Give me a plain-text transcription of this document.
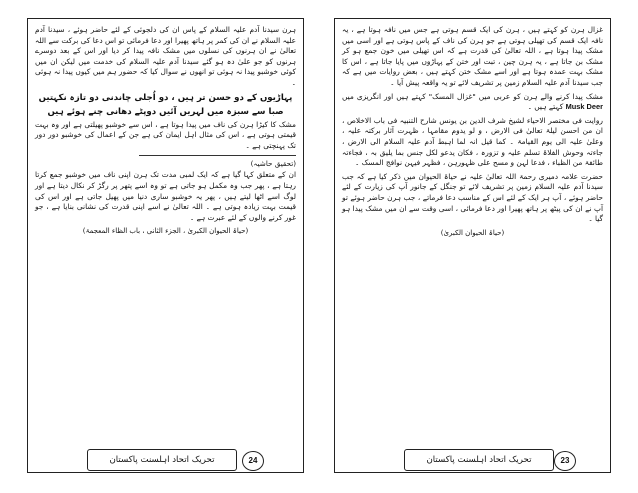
ہرن سیدنا آدم علیہ السلام کے پاس ان کی دلجوئی کے لئے حاضر ہوئے ، سیدنا آدم علیہ السلام نے ان کی کمر پر ہاتھ پھیرا اور دعا فرمائی تو اس دعا کی برکت سے اللہ تعالیٰ نے ان ہرنوں کی نسلوں میں مشک نافہ پیدا کر دیا اور اس کے بعد دوسرے ہرنوں کو جو علیٰ دہ ہو گئے سیدنا آدم علیہ السلام کی خدمت میں لیکن ان میں کوئی خوشبو پیدا نہ ہوئی تو انھوں نے سوال کیا کہ حضور ہم میں کیوں پیدا نہ ہوئی ۔

پہاڑیوں کے دو حسن تر ہیں ، دو اُجلی چاندنی دو تازہ نکہتیں

صبا سے سبزہ میں لہریں آئیں دوپٹے دھانی چنے ہوئے ہیں

مشک کا کیڑا ہرن کی ناف میں پیدا ہوتا ہے ، اس سے خوشبو پھیلتی ہے اور وہ بہت قیمتی ہوتی ہے ، اس کی مثال اہل ایمان کی ہے جن کے اعمال کی خوشبو دور دور تک پہنچتی ہے ۔

(تحقیق حاشیہ)

ان کے متعلق کہا گیا ہے کہ ایک لمبی مدت تک ہرن اپنی ناف میں خوشبو جمع کرتا رہتا ہے ، پھر جب وہ مکمل ہو جاتی ہے تو وہ اسے پتھر پر رگڑ کر نکال دیتا ہے اور لوگ اسے اٹھا لیتے ہیں ، پھر یہ خوشبو ساری دنیا میں پھیل جاتی ہے اور اس کی قیمت بہت زیادہ ہوتی ہے ۔ اللہ تعالیٰ نے اسے اپنی قدرت کی نشانی بنایا ہے ، جو غور کرنے والوں کے لئے عبرت ہے ۔

(حیاۃ الحیوان الکبریٰ ، الجزء الثانی ، باب الظاء المعجمۃ)

غزال ہرن کو کہتے ہیں ، ہرن کی ایک قسم ہوتی ہے جس میں نافہ ہوتا ہے ، یہ نافہ ایک قسم کی تھیلی ہوتی ہے جو ہرن کی ناف کے پاس ہوتی ہے اور اسی میں مشک پیدا ہوتا ہے ، اللہ تعالیٰ کی قدرت ہے کہ اس تھیلی میں خون جمع ہو کر مشک بن جاتا ہے ، یہ ہرن چین ، تبت اور ختن کے پہاڑوں میں پایا جاتا ہے ، اس کا مشک بہت عمدہ ہوتا ہے اور اسے مشک ختن کہتے ہیں ، بعض روایات میں ہے کہ جب سیدنا آدم علیہ السلام زمین پر تشریف لائے تو یہ واقعہ پیش آیا ۔

مشک پیدا کرنے والے ہرن کو عربی میں "غزال المسک" کہتے ہیں اور انگریزی میں Musk Deer کہتے ہیں ۔

روایت فی مختصر الاحیاء لشیخ شرف الدین بن یونس شارح التنبیہ فی باب الاخلاص ، ان من احسن لیلۃ تعالیٰ فی الارض ، و لو یدوم مقامہا ، ظہرت آثار برکتہ علیہ ، وعلیٰ علیہ الی یوم القیامۃ ۔ کما قیل انہ لما اہبط آدم علیہ السلام الی الارض ، جاءتہ وحوش الفلاۃ تسلم علیہ و تزورہ ، فکان یدعو لکل جنس بما یلیق بہ ، فجاءتہ طائفۃ من الظباء ، فدعا لہن و مسح علی ظہورہن ، فظہر فیہن نوافج المسک ۔

حضرت علامہ دمیری رحمۃ اللہ تعالیٰ علیہ نے حیاۃ الحیوان میں ذکر کیا ہے کہ جب سیدنا آدم علیہ السلام زمین پر تشریف لائے تو جنگل کے جانور آپ کی زیارت کے لئے حاضر ہوئے ، آپ ہر ایک کے لئے اس کے مناسب دعا فرماتے ، جب ہرن حاضر ہوئے تو آپ نے ان کی پیٹھ پر ہاتھ پھیرا اور دعا فرمائی ، اسی وقت سے ان میں مشک پیدا ہو گیا ۔

(حیاۃ الحیوان الکبریٰ)

تحریک اتحاد اہلسنت پاکستان	24	تحریک اتحاد اہلسنت پاکستان	23
